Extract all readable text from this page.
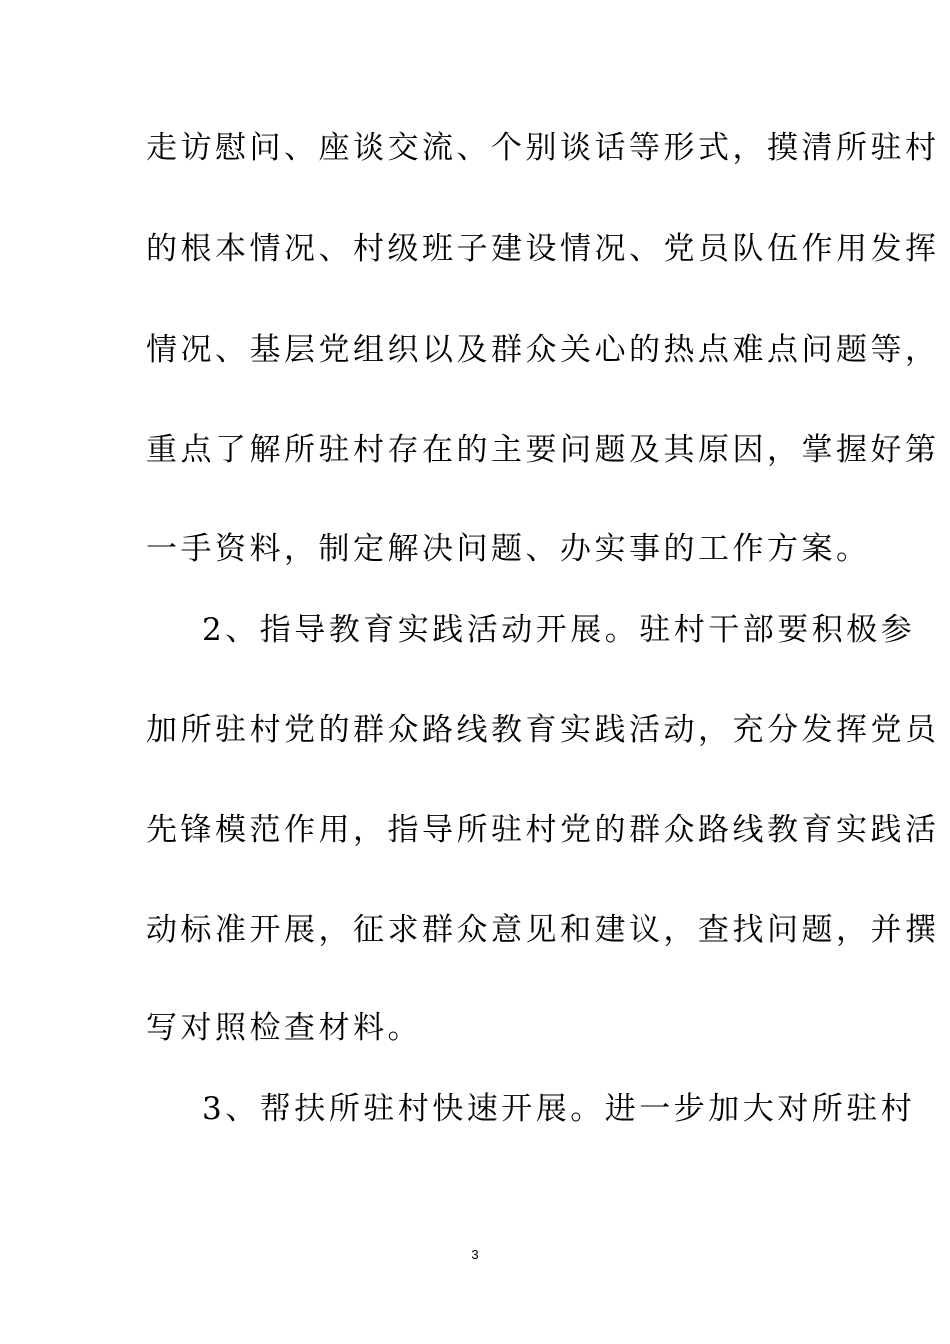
走访慰问、座谈交流、个别谈话等形式，摸清所驻村
的根本情况、村级班子建设情况、党员队伍作用发挥
情况、基层党组织以及群众关心的热点难点问题等，
重点了解所驻村存在的主要问题及其原因，掌握好第
一手资料，制定解决问题、办实事的工作方案。
2、指导教育实践活动开展。驻村干部要积极参
加所驻村党的群众路线教育实践活动，充分发挥党员
先锋模范作用，指导所驻村党的群众路线教育实践活
动标准开展，征求群众意见和建议，查找问题，并撰
写对照检查材料。
3、帮扶所驻村快速开展。进一步加大对所驻村
3
